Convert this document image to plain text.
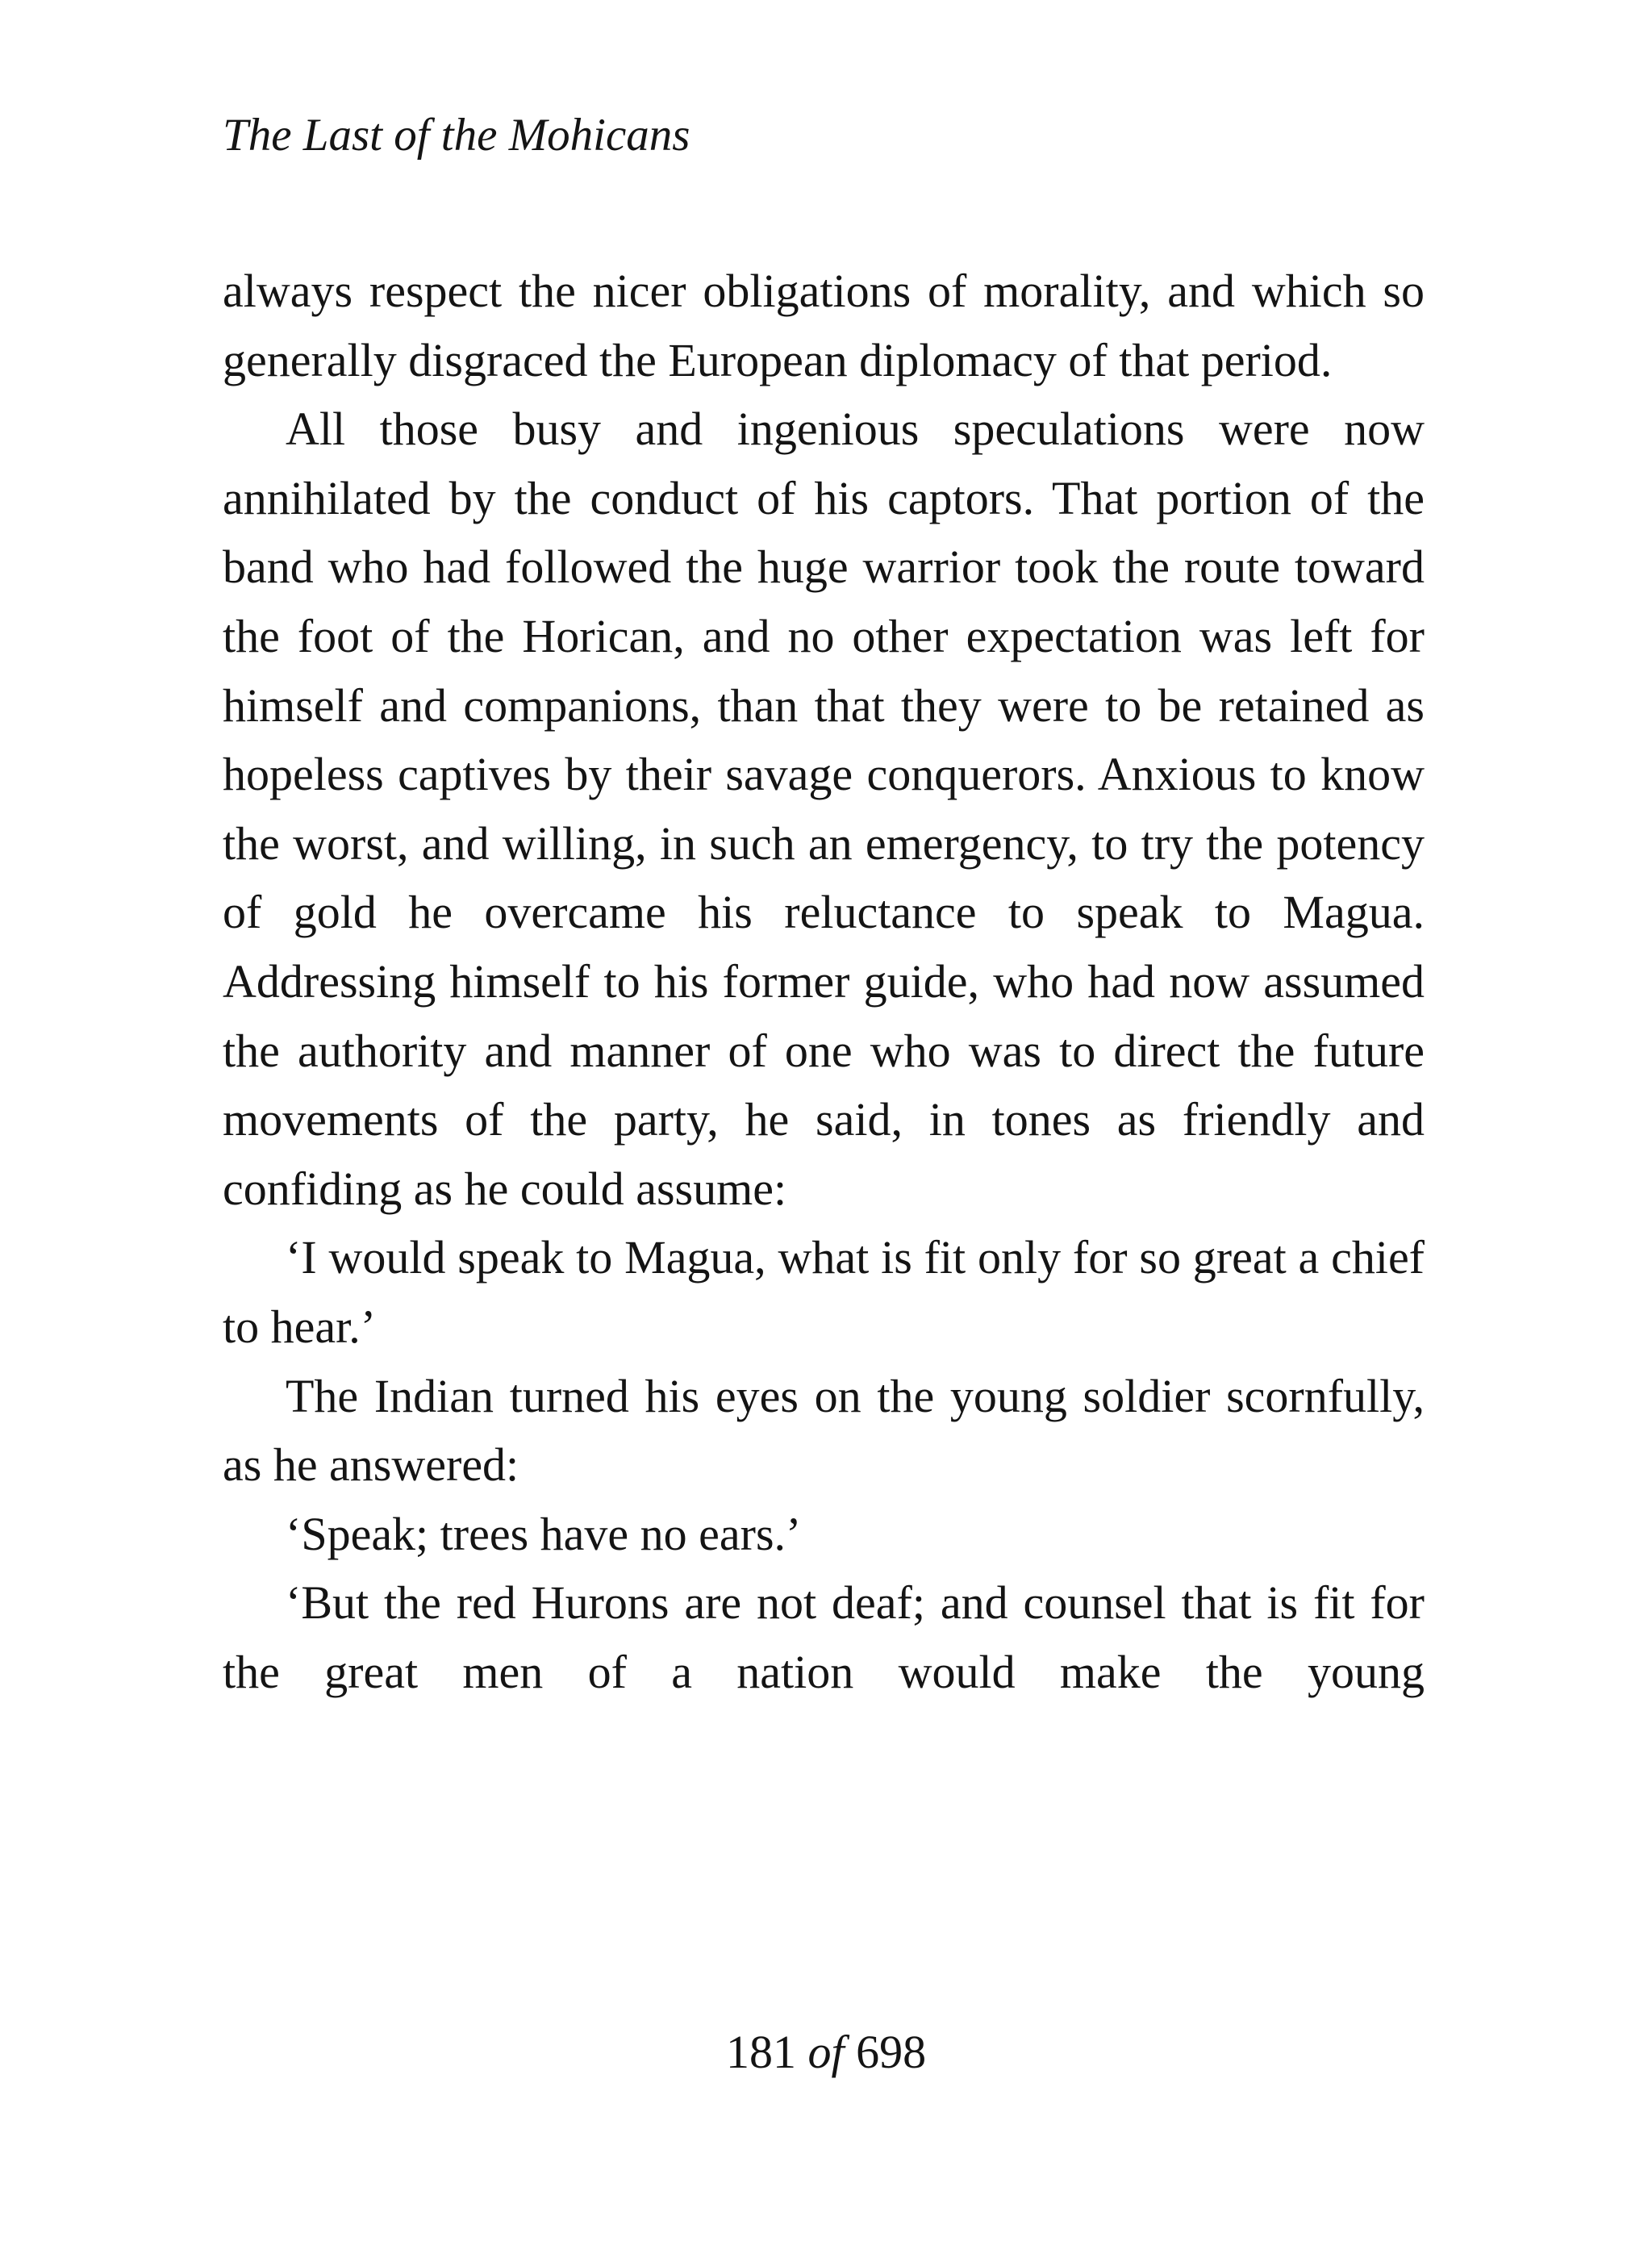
The Last of the Mohicans

always respect the nicer obligations of morality, and which so generally disgraced the European diplomacy of that period.

All those busy and ingenious speculations were now annihilated by the conduct of his captors. That portion of the band who had followed the huge warrior took the route toward the foot of the Horican, and no other expectation was left for himself and companions, than that they were to be retained as hopeless captives by their savage conquerors. Anxious to know the worst, and willing, in such an emergency, to try the potency of gold he overcame his reluctance to speak to Magua. Addressing himself to his former guide, who had now assumed the authority and manner of one who was to direct the future movements of the party, he said, in tones as friendly and confiding as he could assume:

‘I would speak to Magua, what is fit only for so great a chief to hear.’

The Indian turned his eyes on the young soldier scornfully, as he answered:

‘Speak; trees have no ears.’

‘But the red Hurons are not deaf; and counsel that is fit for the great men of a nation would make the young

181 of 698
